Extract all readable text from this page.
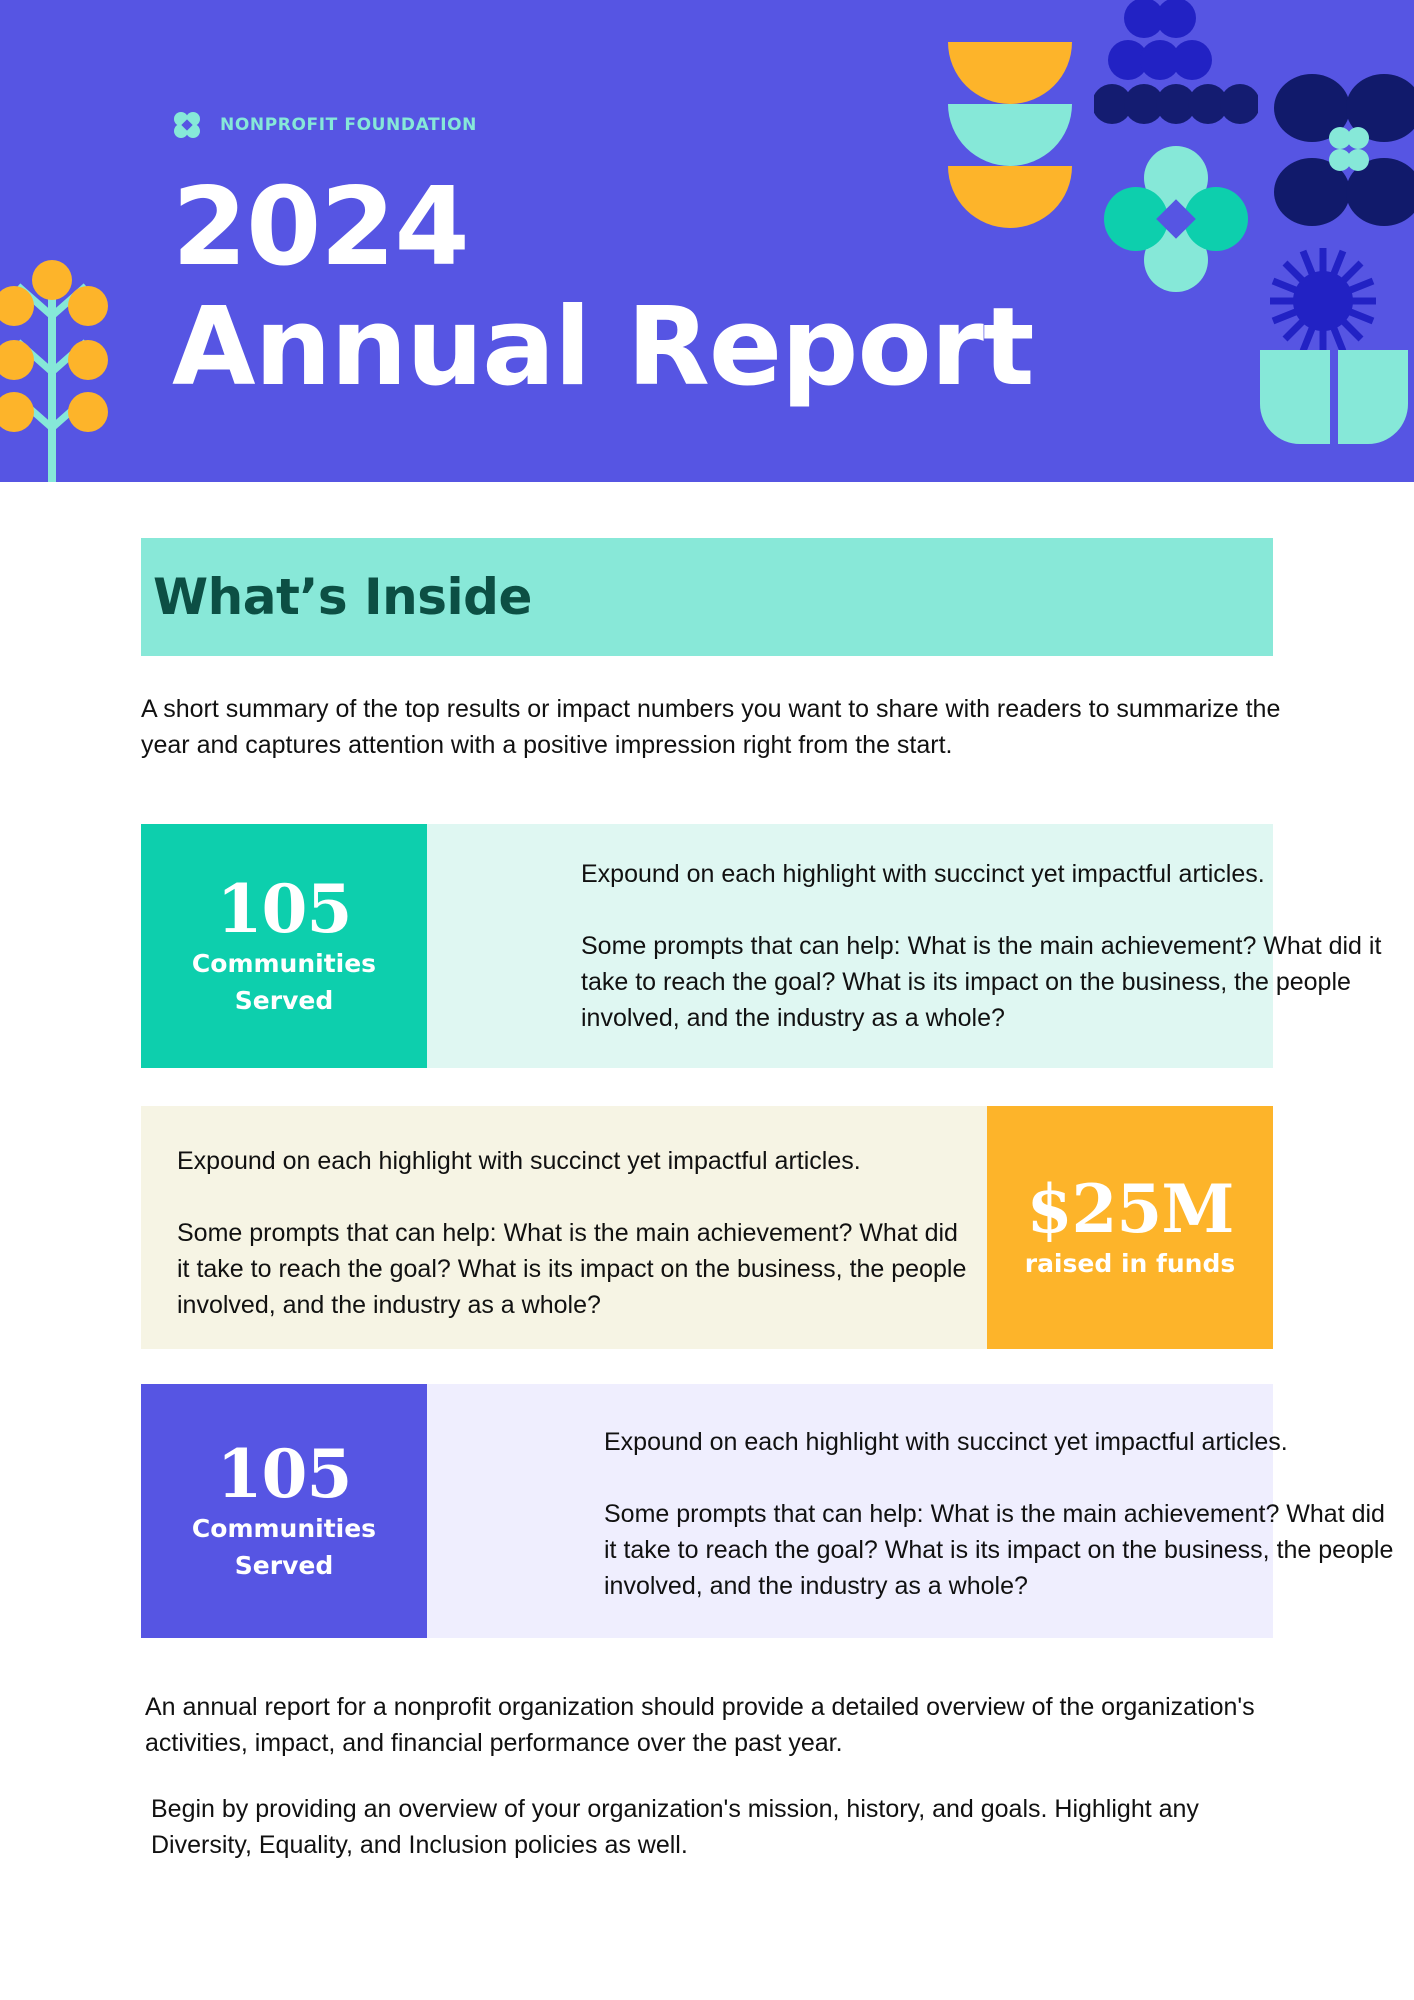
NONPROFIT FOUNDATION
2024
Annual Report
What’s Inside

A short summary of the top results or impact numbers you want to share with readers to summarize the year and captures attention with a positive impression right from the start.

105
Communities
Served

Expound on each highlight with succinct yet impactful articles.

Some prompts that can help: What is the main achievement? What did it take to reach the goal? What is its impact on the business, the people involved, and the industry as a whole?

Expound on each highlight with succinct yet impactful articles.

Some prompts that can help: What is the main achievement? What did it take to reach the goal? What is its impact on the business, the people involved, and the industry as a whole?

$25M
raised in funds
105
Communities
Served

Expound on each highlight with succinct yet impactful articles.

Some prompts that can help: What is the main achievement? What did it take to reach the goal? What is its impact on the business, the people involved, and the industry as a whole?

An annual report for a nonprofit organization should provide a detailed overview of the organization's activities, impact, and financial performance over the past year.

Begin by providing an overview of your organization's mission, history, and goals. Highlight any Diversity, Equality, and Inclusion policies as well.
